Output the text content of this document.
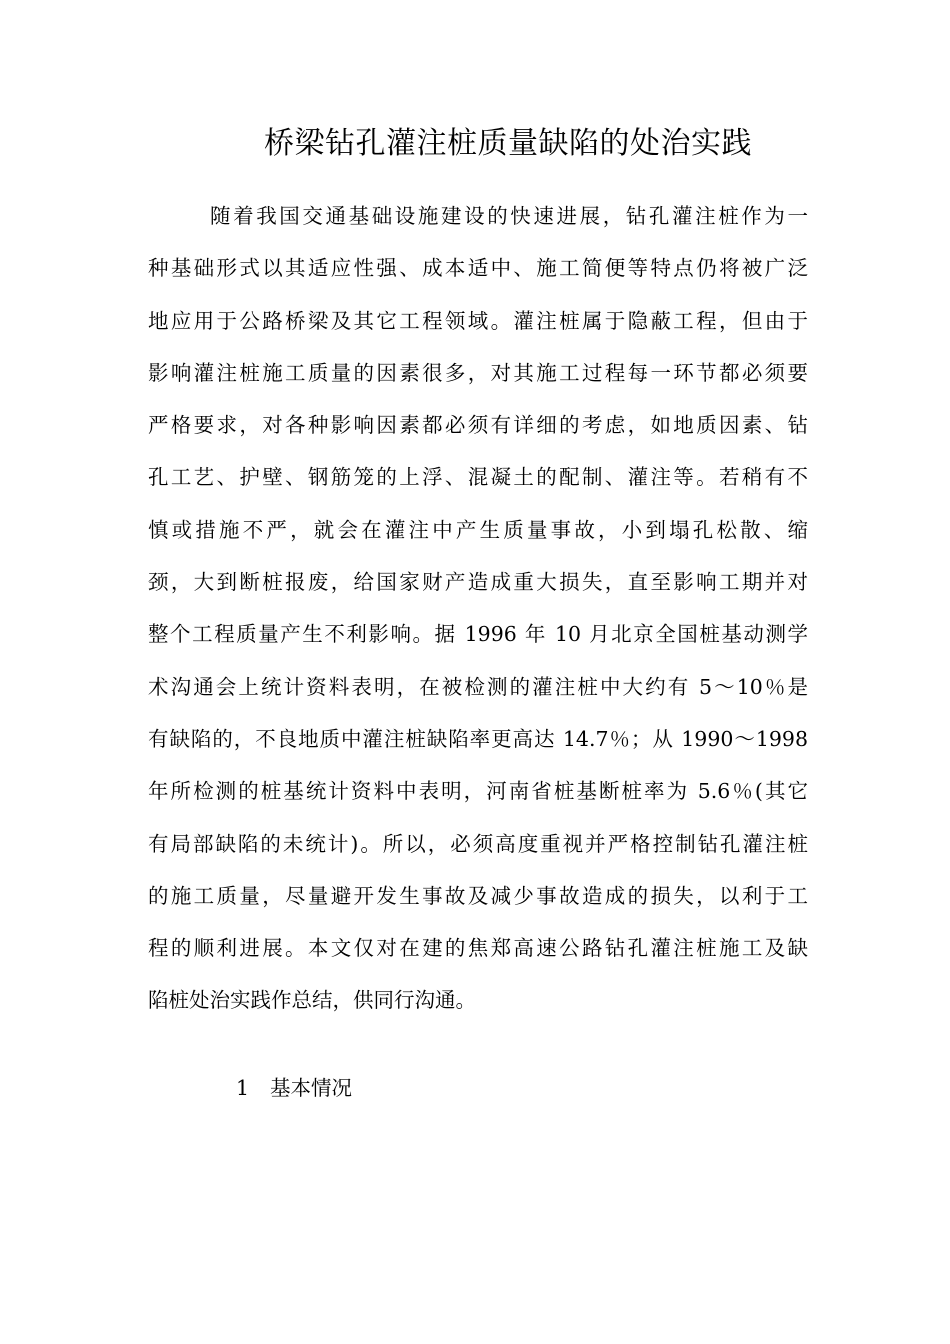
桥梁钻孔灌注桩质量缺陷的处治实践
随着我国交通基础设施建设的快速进展，钻孔灌注桩作为一
种基础形式以其适应性强、成本适中、施工简便等特点仍将被广泛
地应用于公路桥梁及其它工程领域。灌注桩属于隐蔽工程，但由于
影响灌注桩施工质量的因素很多，对其施工过程每一环节都必须要
严格要求，对各种影响因素都必须有详细的考虑，如地质因素、钻
孔工艺、护壁、钢筋笼的上浮、混凝土的配制、灌注等。若稍有不
慎或措施不严，就会在灌注中产生质量事故，小到塌孔松散、缩
颈，大到断桩报废，给国家财产造成重大损失，直至影响工期并对
整个工程质量产生不利影响。据 1996 年 10 月北京全国桩基动测学
术沟通会上统计资料表明，在被检测的灌注桩中大约有 5～10％是
有缺陷的，不良地质中灌注桩缺陷率更高达 14.7％；从 1990～1998
年所检测的桩基统计资料中表明，河南省桩基断桩率为 5.6％(其它
有局部缺陷的未统计)。所以，必须高度重视并严格控制钻孔灌注桩
的施工质量，尽量避开发生事故及减少事故造成的损失，以利于工
程的顺利进展。本文仅对在建的焦郑高速公路钻孔灌注桩施工及缺
陷桩处治实践作总结，供同行沟通。
1 基本情况
